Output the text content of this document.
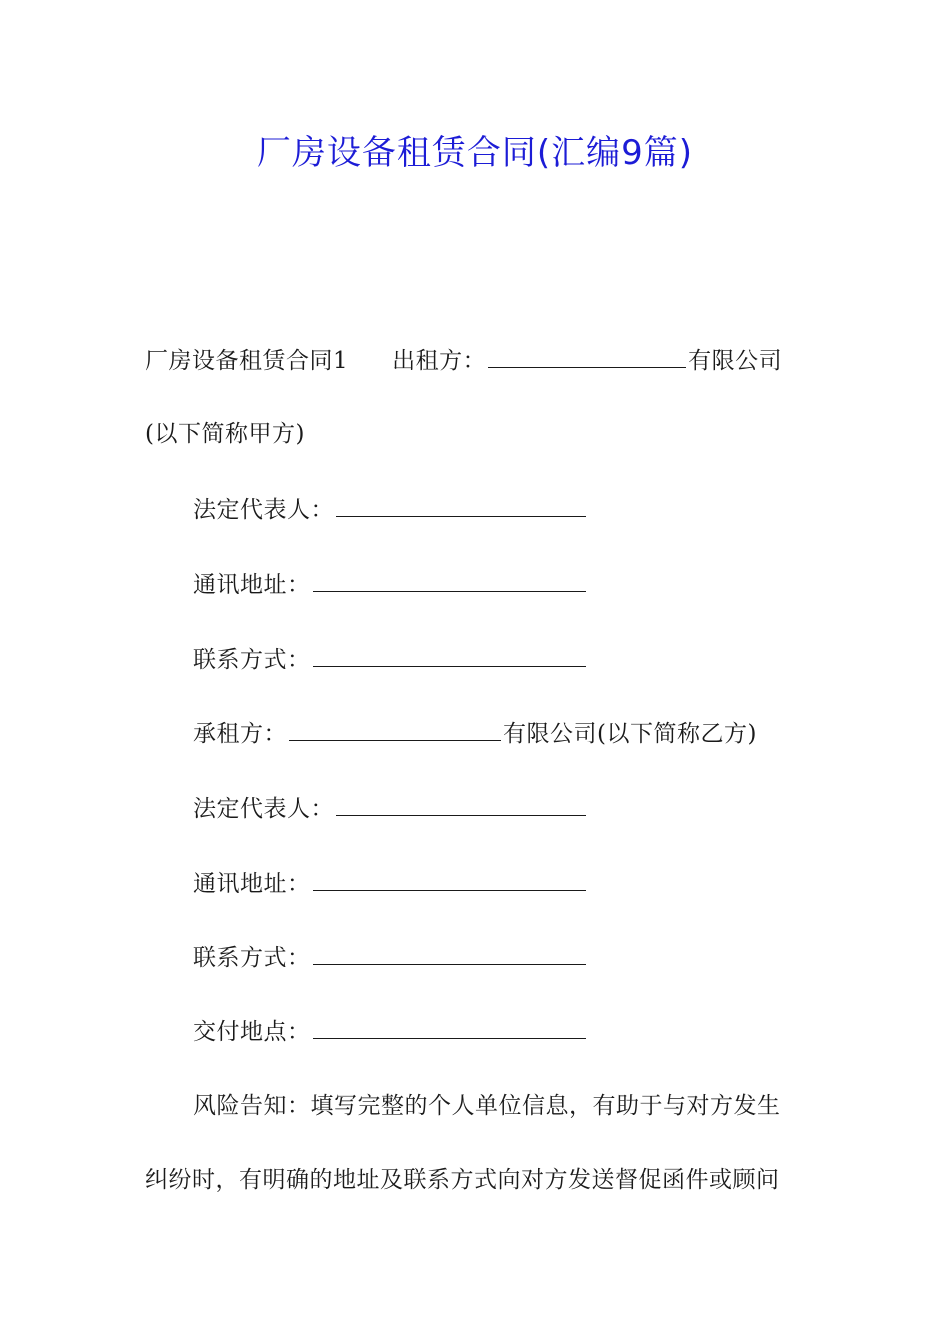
厂房设备租赁合同(汇编9篇)
厂房设备租赁合同1 出租方：	有限公司
(以下简称甲方)
法定代表人：
通讯地址：
联系方式：
承租方：	有限公司(以下简称乙方)
法定代表人：
通讯地址：
联系方式：
交付地点：
风险告知：填写完整的个人单位信息，有助于与对方发生
纠纷时，有明确的地址及联系方式向对方发送督促函件或顾问
